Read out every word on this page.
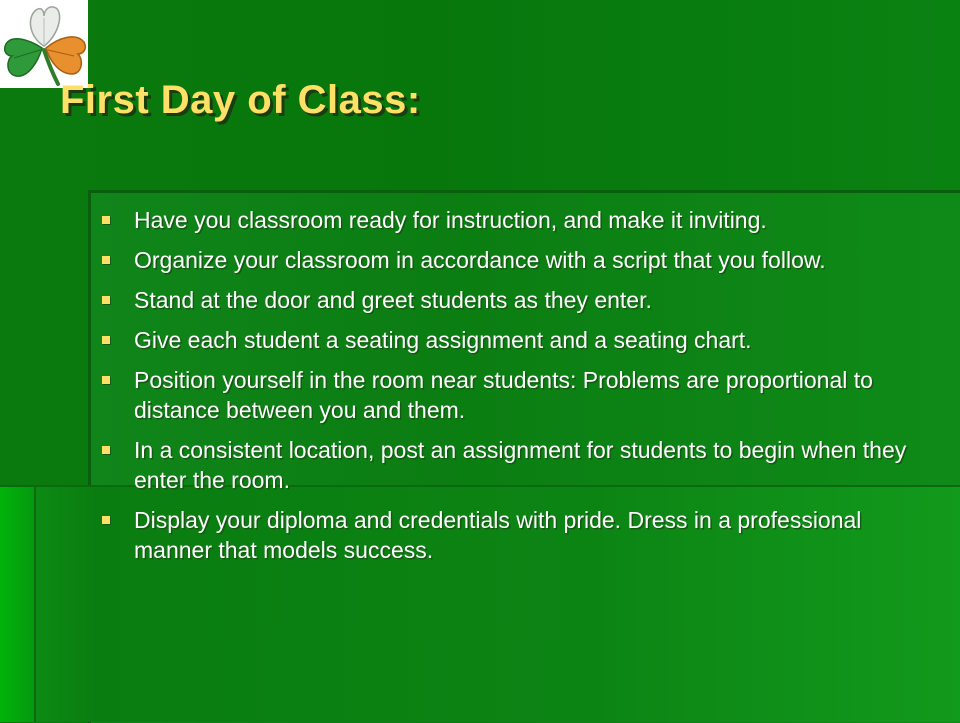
First Day of Class:
Have you classroom ready for instruction, and make it inviting.
Organize your classroom in accordance with a script that you follow.
Stand at the door and greet students as they enter.
Give each student a seating assignment and a seating chart.
Position yourself in the room near students: Problems are proportional to distance between you and them.
In a consistent location, post an assignment for students to begin when they enter the room.
Display your diploma and credentials with pride. Dress in a professional manner that models success.
